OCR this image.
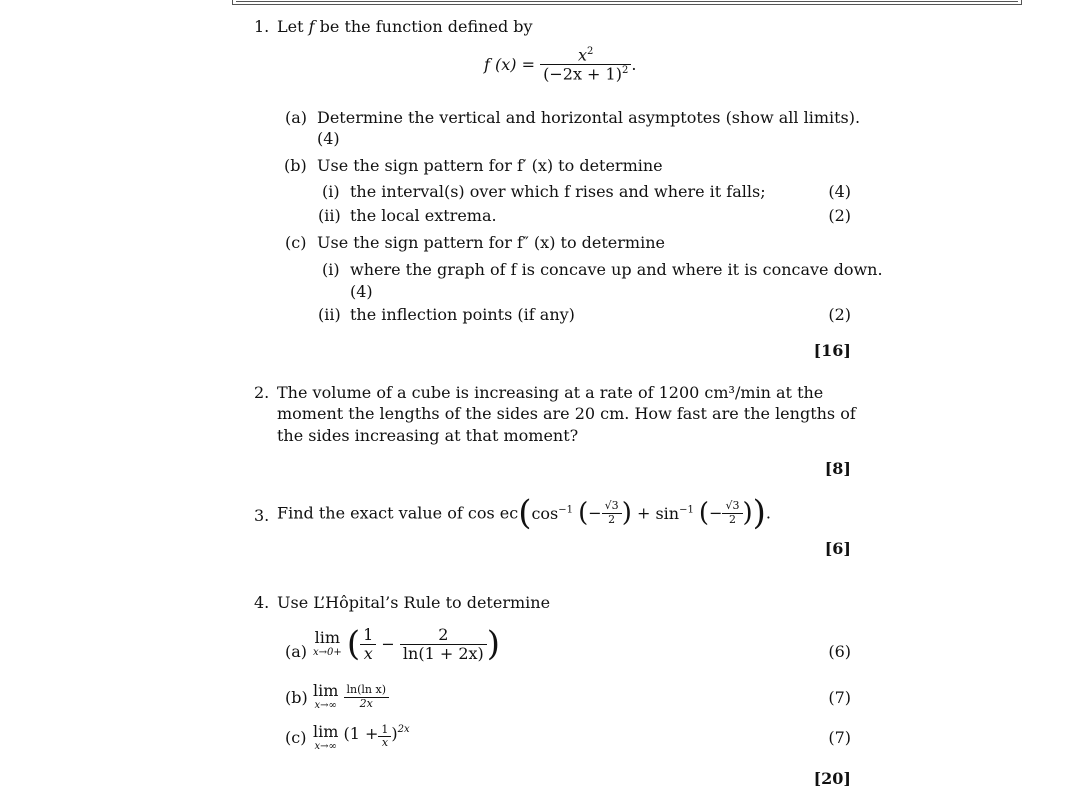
1. Let f be the function defined by
f $(x) = \frac{x^2}{(-2x + 1)^2}$ .
(a) Determine the vertical and horizontal asymptotes (show all limits).
(4)
(b) Use the sign pattern for f′ (x) to determine
(i) the interval(s) over which f rises and where it falls;	(4)
(ii) the local extrema.	(2)
(c) Use the sign pattern for f″ (x) to determine
(i) where the graph of f is concave up and where it is concave down.
(4)
(ii) the inflection points (if any)	(2)
[16]
2. The volume of a cube is increasing at a rate of 1200 cm³/min at the
moment the lengths of the sides are 20 cm. How fast are the lengths of
the sides increasing at that moment?
[8]
3. Find the exact value of $\cos ec(\cos^{-1}$ (− $\frac{√3}{2}$ ) + $\sin^{-1}$ (− $\frac{√3}{2}$ )).
[6]
4. Use L’Hôpital’s Rule to determine
(a)
lim
x→0+ ( $\frac{1}{x} - \frac{2}{\ln(1 + 2x)}$ )	(6)
(b) lim
x→∞
$\frac{\text{ln(ln x)}}{2x}$	(7)
(c) lim
x→∞
$(1 + \frac{1}{x} )^{2x}$	(7)
[20]
